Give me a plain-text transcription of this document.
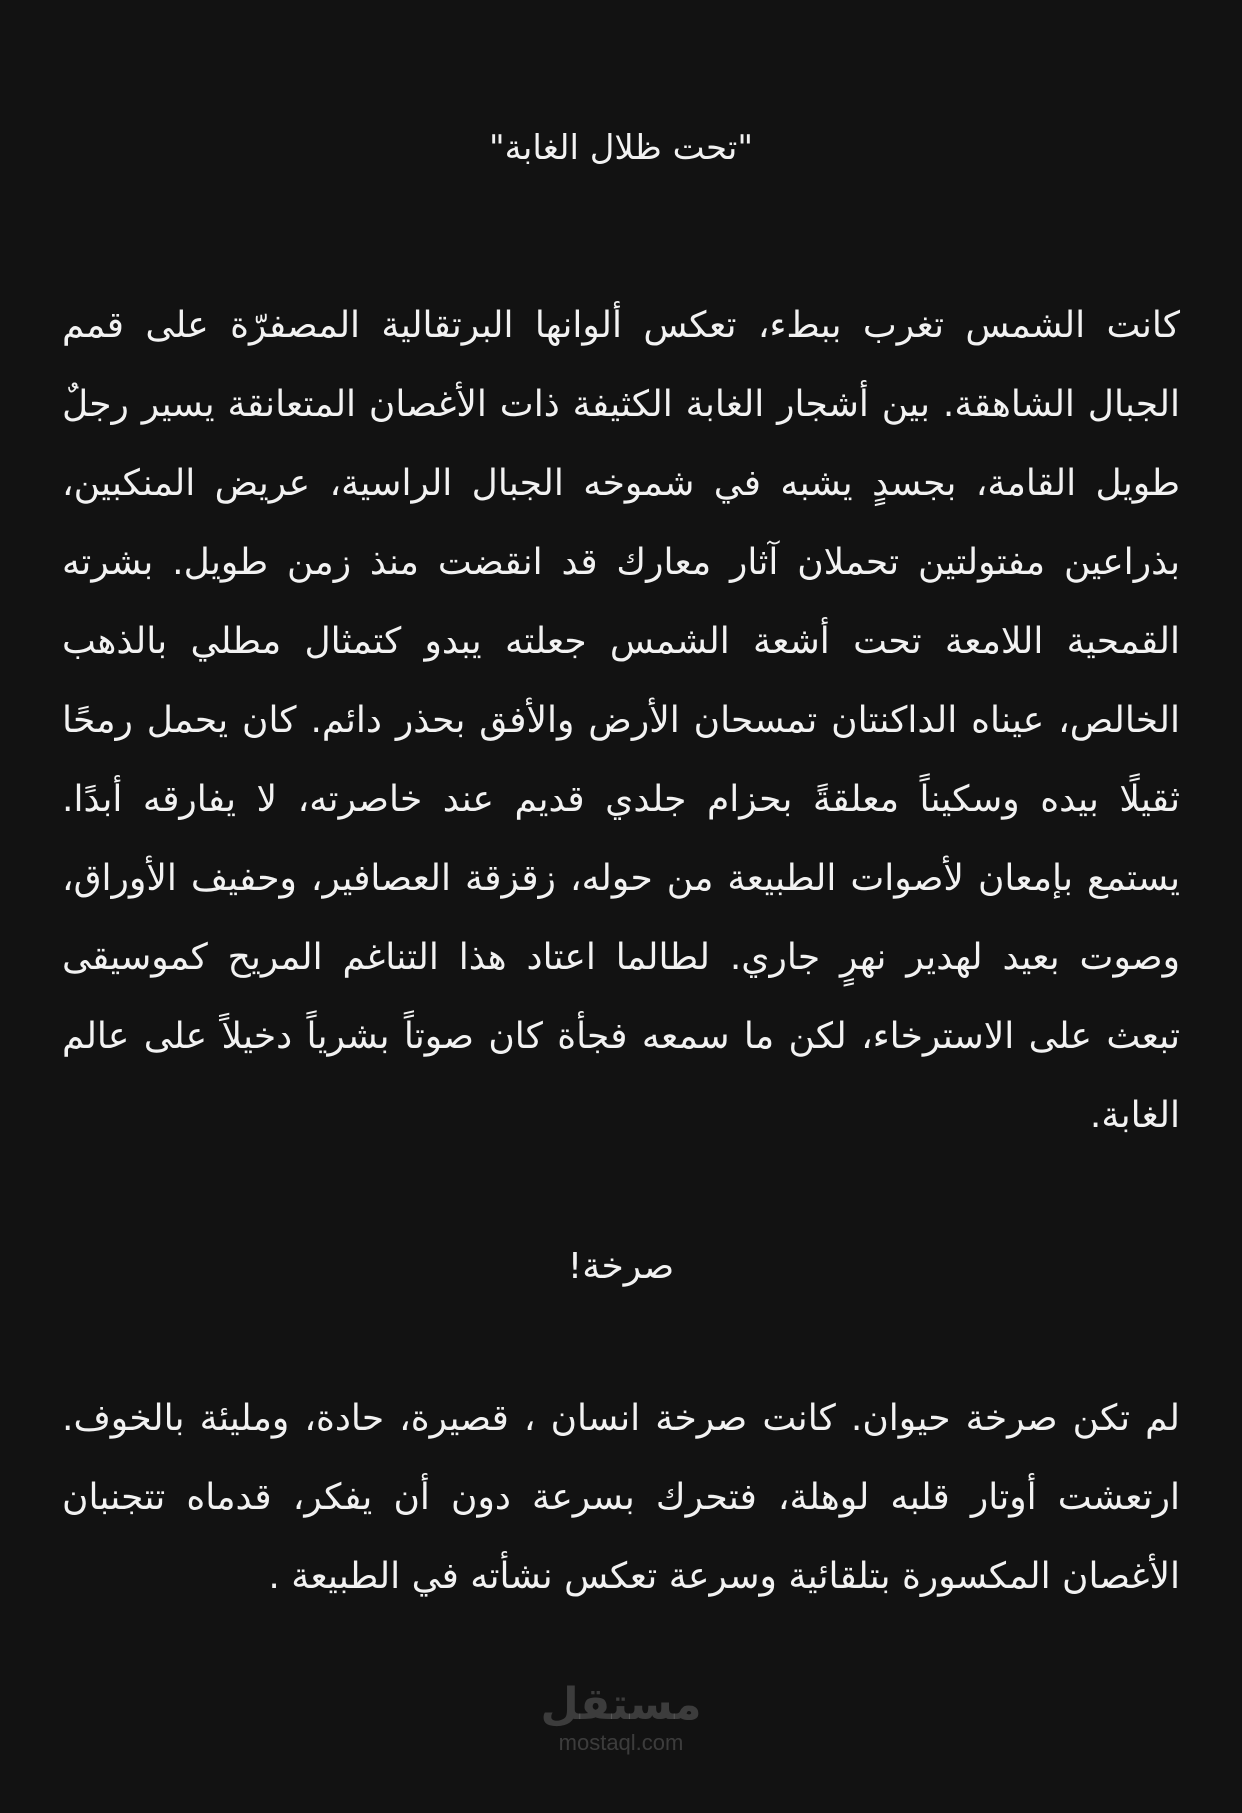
"تحت ظلال الغابة"

كانت الشمس تغرب ببطء، تعكس ألوانها البرتقالية المصفرّة على قمم الجبال الشاهقة. بين أشجار الغابة الكثيفة ذات الأغصان المتعانقة يسير رجلٌ طويل القامة، بجسدٍ يشبه في شموخه الجبال الراسية، عريض المنكبين، بذراعين مفتولتين تحملان آثار معارك قد انقضت منذ زمن طويل. بشرته القمحية اللامعة تحت أشعة الشمس جعلته يبدو كتمثال مطلي بالذهب الخالص، عيناه الداكنتان تمسحان الأرض والأفق بحذر دائم. كان يحمل رمحًا ثقيلًا بيده وسكيناً معلقةً بحزام جلدي قديم عند خاصرته، لا يفارقه أبدًا. يستمع بإمعان لأصوات الطبيعة من حوله، زقزقة العصافير، وحفيف الأوراق، وصوت بعيد لهدير نهرٍ جاري. لطالما اعتاد هذا التناغم المريح كموسيقى تبعث على الاسترخاء، لكن ما سمعه فجأة كان صوتاً بشرياً دخيلاً على عالم الغابة.

صرخة!

لم تكن صرخة حيوان. كانت صرخة انسان ، قصيرة، حادة، ومليئة بالخوف. ارتعشت أوتار قلبه لوهلة، فتحرك بسرعة دون أن يفكر، قدماه تتجنبان الأغصان المكسورة بتلقائية وسرعة تعكس نشأته في الطبيعة .

مستقل
mostaql.com
